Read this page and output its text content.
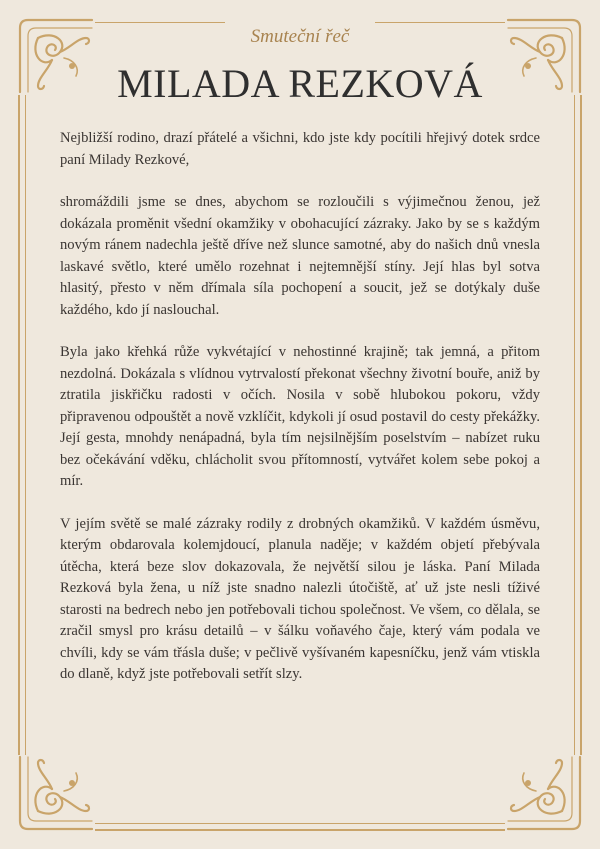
Smuteční řeč
MILADA REZKOVÁ

Nejbližší rodino, drazí přátelé a všichni, kdo jste kdy pocítili hřejivý dotek srdce paní Milady Rezkové,

shromáždili jsme se dnes, abychom se rozloučili s výjimečnou ženou, jež dokázala proměnit všední okamžiky v obohacující zázraky. Jako by se s každým novým ránem nadechla ještě dříve než slunce samotné, aby do našich dnů vnesla laskavé světlo, které umělo rozehnat i nejtemnější stíny. Její hlas byl sotva hlasitý, přesto v něm dřímala síla pochopení a soucit, jež se dotýkaly duše každého, kdo jí naslouchal.

Byla jako křehká růže vykvétající v nehostinné krajině; tak jemná, a přitom nezdolná. Dokázala s vlídnou vytrvalostí překonat všechny životní bouře, aniž by ztratila jiskřičku radosti v očích. Nosila v sobě hlubokou pokoru, vždy připravenou odpouštět a nově vzklíčit, kdykoli jí osud postavil do cesty překážky. Její gesta, mnohdy nenápadná, byla tím nejsilnějším poselstvím – nabízet ruku bez očekávání vděku, chlácholit svou přítomností, vytvářet kolem sebe pokoj a mír.

V jejím světě se malé zázraky rodily z drobných okamžiků. V každém úsměvu, kterým obdarovala kolemjdoucí, planula naděje; v každém objetí přebývala útěcha, která beze slov dokazovala, že největší silou je láska. Paní Milada Rezková byla žena, u níž jste snadno nalezli útočiště, ať už jste nesli tíživé starosti na bedrech nebo jen potřebovali tichou společnost. Ve všem, co dělala, se zračil smysl pro krásu detailů – v šálku voňavého čaje, který vám podala ve chvíli, kdy se vám třásla duše; v pečlivě vyšívaném kapesníčku, jenž vám vtiskla do dlaně, když jste potřebovali setřít slzy.
